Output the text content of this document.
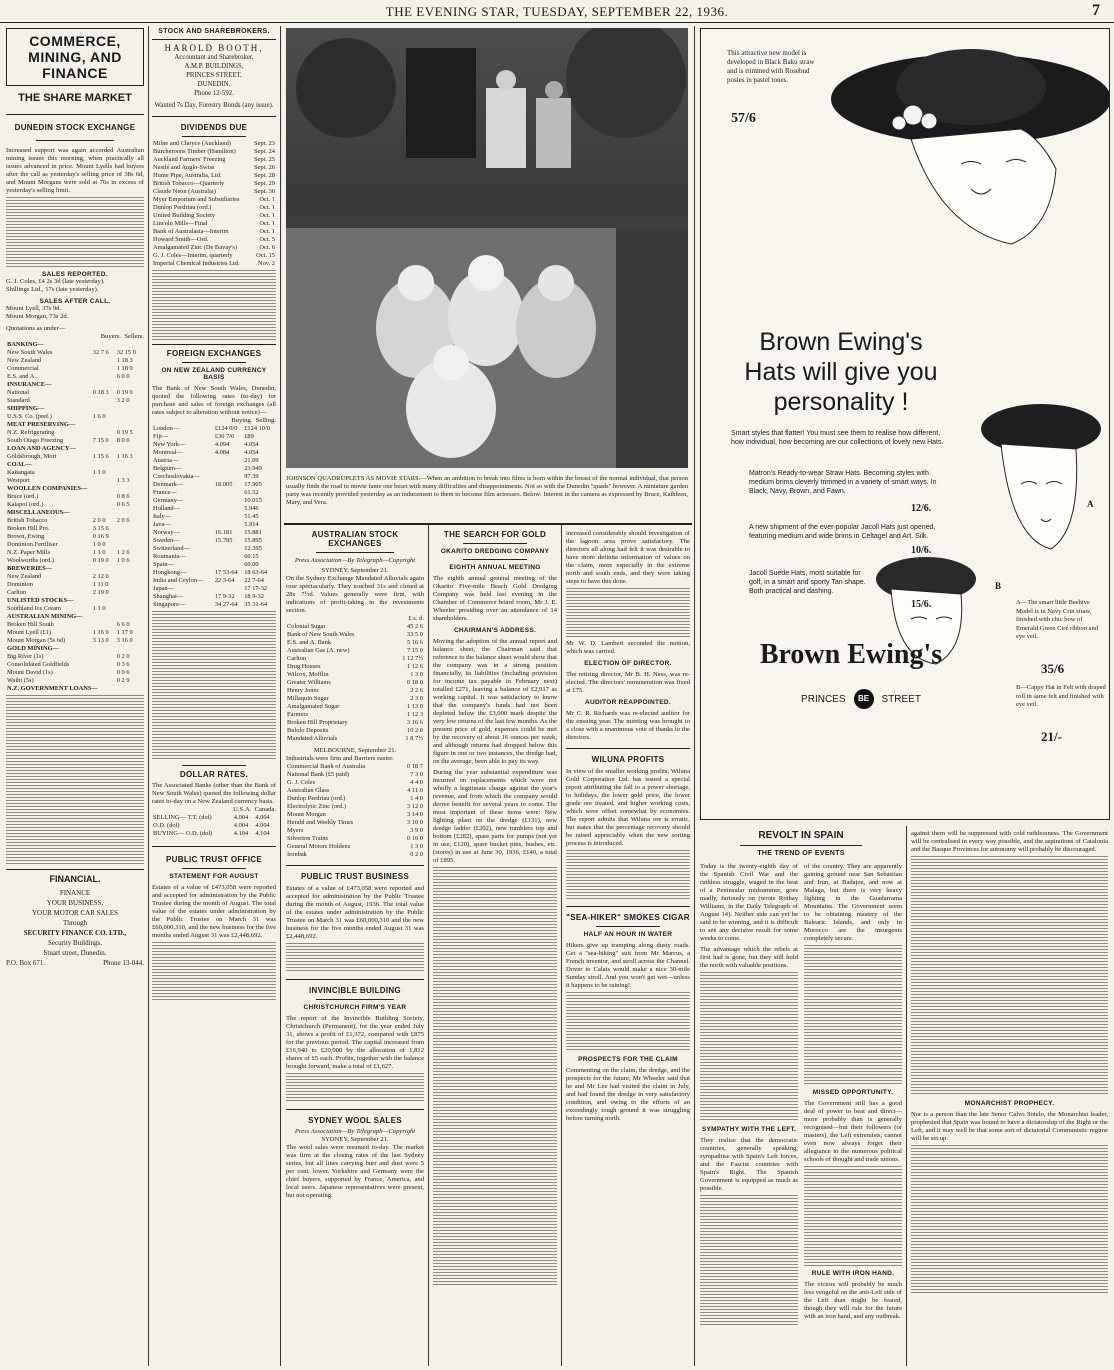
THE EVENING STAR, TUESDAY, SEPTEMBER 22, 1936.	7
COMMERCE, MINING, AND FINANCE
THE SHARE MARKET
DUNEDIN STOCK EXCHANGE
Increased support was again accorded Australian mining issues this morning, when practically all issues advanced in price. Mount Lyells had buyers after the call as yesterday's selling price of 38s 6d, and Mount Morgans were sold at 76s in excess of yesterday's selling limit.
SALES REPORTED.
G. J. Coles, £4 2s 3d (late yesterday).
Shillings Ltd., 17s (late yesterday).
SALES AFTER CALL.
Mount Lyell, 37s 9d.
Mount Morgan, 73s 2d.
Quotations as under—
Buyers. Sellers.
BANKING—		
New South Wales	32 7 6	32 15 0
New Zealand		1 18 3
Commercial		1 18 0
E.S. and A.		6 0 0
INSURANCE—		
National	0 18 3	0 19 0
Standard		3 2 0
SHIPPING—		
U.S.S. Co. (pref.)	1 6 0	
MEAT PRESERVING—		
N.Z. Refrigerating		0 19 5
South Otago Freezing	7 15 0	8 0 0
LOAN AND AGENCY—		
Goldsbrough, Mort	1 15 6	1 16 3
COAL—		
Kaitangata	1 1 0	
Westport		1 3 3
WOOLLEN COMPANIES—		
Bruce (ord.)		0 8 6
Kaiapoi (ord.)		0 6 5
MISCELLANEOUS—		
British Tobacco	2 0 0	2 0 6
Broken Hill Pro.	3 15 6	
Brown, Ewing	0 16 9	
Dominion Fertiliser	1 0 0	
N.Z. Paper Mills	1 1 0	1 2 6
Woolworths (ord.)	0 19 0	1 0 6
BREWERIES—		
New Zealand	2 12 0	
Dominion	1 11 0	
Carlton	2 19 0	
UNLISTED STOCKS—		
Southland Ice Cream	1 1 0	
AUSTRALIAN MINING—		
Broken Hill South		6 6 0
Mount Lyell (£1)	1 16 9	1 17 9
Mount Morgan (5s 6d)	3 13 0	3 16 0
GOLD MINING—		
Big River (1s)		0 2 0
Consolidated Goldfields		0 3 6
Mount David (1s)		0 0 6
Waihi (5s)		0 2 9
N.Z. GOVERNMENT LOANS—		
FINANCIAL.
FINANCE
YOUR BUSINESS,
YOUR MOTOR CAR SALES
Through
SECURITY FINANCE CO. LTD.,
Security Buildings,
Stuart street, Dunedin.
P.O. Box 671.	Phone 13-044.
STOCK AND SHAREBROKERS.
HAROLD BOOTH,
Accountant and Sharebroker,
A.M.P. BUILDINGS,
PRINCES STREET,
DUNEDIN.
Phone 12-592.
Wanted 7s Day, Forestry Bonds (any issue).
DIVIDENDS DUE
Milne and Choyce (Auckland)	Sept. 23
Burcheroons Timber (Hamilton)	Sept. 24
Auckland Farmers' Freezing	Sept. 25
Nestlé and Anglo-Swiss	Sept. 26
Hume Pipe, Australia, Ltd.	Sept. 28
British Tobacco—Quarterly	Sept. 29
Claude Neon (Australia)	Sept. 30
Myer Emporium and Subsidiaries	Oct. 1
Dunlop Perdriau (ord.)	Oct. 1
United Building Society	Oct. 1
Lincoln Mills—Final	Oct. 1
Bank of Australasia—Interim	Oct. 1
Howard Smith—Ord.	Oct. 5
Amalgamated Zinc (De Bavay's)	Oct. 6
G. J. Coles—Interim, quarterly	Oct. 15
Imperial Chemical Industries Ltd.	Nov. 2
FOREIGN EXCHANGES
ON NEW ZEALAND CURRENCY BASIS
The Bank of New South Wales, Dunedin, quoted the following rates (to-day) for purchase and sales of foreign exchanges (all rates subject to alteration without notice)—
Buying. Selling.
London—	£124 0/0	£124 10/0
Fiji—	£30 7/6	£89
New York—	4.094	4.054
Montreal—	4.084	4.054
Austria—		21.09
Belgium—		23.949
Czechoslovakia—		97.39
Denmark—	18.005	17.905
France—		61.52
Germany—		10.015
Holland—		5.946
Italy—		51.45
Java—		5.914
Norway—	16.181	15.881
Sweden—	15.785	15.895
Switzerland—		12.395
Roumania—		60.15
Spain—		60.00
Hongkong—	17 53-64	18 63-64
India and Ceylon—	22 3-64	22 7-64
Japan—		17 17-32
Shanghai—	17 9-32	18 9-32
Singapore—	34 27-64	35 31-64
DOLLAR RATES.
The Associated Banks (other than the Bank of New South Wales) quoted the following dollar rates to-day on a New Zealand currency basis.
U.S.A. Canada.
SELLING— T.T. (dol)	4.004	4.004
O.D. (dol)	4.004	4.004
BUYING— O.D. (dol)	4.104	4.104
PUBLIC TRUST OFFICE
STATEMENT FOR AUGUST
Estates of a value of £473,058 were reported and accepted for administration by the Public Trustee during the month of August. The total value of the estates under administration by the Public Trustee on March 31 was £60,000,310, and the new business for the five months ended August 31 was £2,448,692.
JOHNSON QUADRUPLETS AS MOVIE STARS.—When an ambition to break into films is born within the breast of the normal individual, that person usually finds the road to movie fame one beset with many difficulties and disappointments. Not so with the Dunedin "quads" however. A miniature garden party was recently provided yesterday as an inducement to them to become film actresses. Below: Interest in the camera as expressed by Bruce, Kathleen, Mary, and Vera.
AUSTRALIAN STOCK EXCHANGES
Press Association—By Telegraph—Copyright
SYDNEY, September 21.
On the Sydney Exchange Mandated Alluvials again rose spectacularly. They touched 31s and closed at 28s 7½d. Values generally were firm, with indications of profit-taking in the investments section.
£ s. d.
Colonial Sugar	45 2 6
Bank of New South Wales	33 5 0
E.S. and A. Bank	5 16 6
Australian Gas (A. new)	7 15 0
Carlton	1 12 7½
Drug Houses	1 12 6
Wilcox, Mofflin	1 3 0
Greater Williams	0 18 0
Henry Jones	2 2 6
Millaquin Sugar	2 3 0
Amalgamated Sugar	1 13 0
Farmers	1 12 3
Broken Hill Proprietary	3 16 6
Bulolo Deposits	10 2 0
Mandated Alluvials	1 8 7½
MELBOURNE, September 21.
Industrials were firm and Barriers easier.
Commercial Bank of Australia	0 18 7
National Bank (£5 paid)	7 3 0
G. J. Coles	4 4 0
Australian Glass	4 11 0
Dunlop Perdriau (ord.)	1 4 0
Electrolytic Zinc (ord.)	3 12 0
Mount Morgan	3 14 0
Herald and Weekly Times	3 10 0
Myers	3 9 0
Silverton Trains	0 16 0
General Motors Holdens	1 3 0
Ironbak	0 2 0
PUBLIC TRUST BUSINESS
Estates of a value of £473,058 were reported and accepted for administration by the Public Trustee during the month of August, 1936. The total value of the estates under administration by the Public Trustee on March 31 was £60,000,310 and the new business for the five months ended August 31 was £2,448,692.
INVINCIBLE BUILDING
CHRISTCHURCH FIRM'S YEAR
The report of the Invincible Building Society, Christchurch (Permanent), for the year ended July 31, shows a profit of £1,372, compared with £875 for the previous period. The capital increased from £16,940 to £20,000 by the allocation of 1,812 shares of £5 each. Profits, together with the balance brought forward, make a total of £1,627.
SYDNEY WOOL SALES
Press Association—By Telegraph—Copyright
SYDNEY, September 21.
The wool sales were resumed to-day. The market was firm at the closing rates of the last Sydney series, but all lines carrying burr and dust were 5 per cent. lower. Yorkshire and Germany were the chief buyers, supported by France, America, and local users. Japanese representatives were present, but not operating.
THE SEARCH FOR GOLD
OKARITO DREDGING COMPANY
EIGHTH ANNUAL MEETING
The eighth annual general meeting of the Okarito Five-mile Beach Gold Dredging Company was held last evening in the Chamber of Commerce board room, Mr J. E. Wheeler presiding over an attendance of 14 shareholders.
CHAIRMAN'S ADDRESS.
Moving the adoption of the annual report and balance sheet, the Chairman said that reference to the balance sheet would show that the company was in a strong position financially, its liabilities (including provision for income tax payable in February next) totalled £271, leaving a balance of £2,917 as working capital. It was satisfactory to know that the company's funds had not been depleted below the £3,000 mark despite the very low returns of the last few months. As the present price of gold, expenses could be met by the recovery of about 16 ounces per week, and although returns had dropped below this figure in one or two instances, the dredge had, on the average, been able to pay its way.
During the year substantial expenditure was incurred on replacements which were not wholly a legitimate charge against the year's revenue, and from which the company would derive benefit for several years to come. The most important of these items were: New lighting plant on the dredge (£131), new dredge ladder (£202), new tumblers top and bottom (£282), spare parts for pumps (not yet in use, £120), spare bucket pins, bushes, etc. (stores) in use at June 30, 1936, £140, a total of £895.
increased considerably should investigation of the lagoon area prove satisfactory. The directors all along had felt it was desirable to have more definite information of values on the claim, more especially in the extreme north and south ends, and they were taking steps to have this done.
Mr W. D. Lambert seconded the motion, which was carried.
ELECTION OF DIRECTOR.
The retiring director, Mr B. H. Ness, was re-elected. The directors' remuneration was fixed at £75.
AUDITOR REAPPOINTED.
Mr C. R. Richards was re-elected auditor for the ensuing year. The meeting was brought to a close with a unanimous vote of thanks to the directors.
WILUNA PROFITS
In view of the smaller working profits, Wiluna Gold Corporation Ltd. has issued a special report attributing the fall to a power shortage, to holidays, the lower gold price, the lower grade ore treated, and higher working costs, which were offset somewhat by economies. The report admits that Wiluna ore is erratic, but states that the percentage recovery should be raised appreciably when the new sorting process is introduced.
"SEA-HIKER" SMOKES CIGAR
HALF AN HOUR IN WATER
Hikers give up tramping along dusty roads. Get a "sea-hiking" suit from Mr Marcus, a French inventor, and stroll across the Channel. Dover to Calais would make a nice 30-mile Sunday stroll. And you won't get wet—unless it happens to be raining!
PROSPECTS FOR THE CLAIM
Commenting on the claim, the dredge, and the prospects for the future, Mr Wheeler said that he and Mr Lee had visited the claim in July, and had found the dredge in very satisfactory condition, and owing to the efforts of an exceedingly tough ground it was struggling before turning north.
This attractive new model is developed in Black Baku straw and is trimmed with Rosebud posies in pastel tones.
57/6
Brown Ewing's Hats will give you personality !
Smart styles that flatter! You must see them to realise how different, how individual, how becoming are our collections of lovely new Hats.
A
B
Matron's Ready-to-wear Straw Hats. Becoming styles with medium brims cleverly trimmed in a variety of smart ways. In Black, Navy, Brown, and Fawn.
12/6.
A new shipment of the ever-popular Jacoll Hats just opened, featuring medium and wide brims in Celtagel and Art. Silk.
10/6.
Jacoll Suede Hats, most suitable for golf, in a smart and sporty Tan shape. Both practical and dashing.
15/6.	A—The smart little Beehive Model is in Navy Crin straw, finished with chic bow of Emerald Green Ciré ribbon and eye veil.
35/6
B—Cappy Hat in Felt with draped roll in same felt and finished with eye veil.
21/-
Brown Ewing's
PRINCES	BE	STREET
REVOLT IN SPAIN
THE TREND OF EVENTS
Today is the twenty-eighth day of the Spanish Civil War and the ruthless struggle, waged in the heat of a Peninsular midsummer, goes madly, furiously on (wrote Rothay Williams, in the Daily Telegraph of August 14). Neither side can yet be said to be winning, and it is difficult to see any decisive result for some weeks to come.
The advantage which the rebels at first had is gone, but they still hold the north with valuable positions.
SYMPATHY WITH THE LEFT.
They realise that the democratic countries, generally speaking, sympathise with Spain's Left forces, and the Fascist countries with Spain's Right. The Spanish Government is equipped as much as possible.
of the country. They are apparently gaining ground near San Sebastian and Irun, at Badajoz, and now at Malaga, but there is very heavy fighting in the Guadarrama Mountains. The Government seem to be obtaining mastery of the Balearic Islands, and only in Morocco are the insurgents completely secure.
MISSED OPPORTUNITY.
The Government still has a good deal of power to beat and direct—more probably than is generally recognised—but their followers (or masters), the Left extremists, cannot even now always forget their allegiance to the numerous political schools of thought and trade unions.
RULE WITH IRON HAND.
The victors will probably be much less vengeful on the anti-Left side of the Left than might be feared, though they will rule for the future with an iron hand, and any outbreak.
against them will be suppressed with cold ruthlessness. The Government will be centralised in every way possible, and the aspirations of Catalonia and the Basque Provinces for autonomy will probably be discouraged.
MONARCHIST PROPHECY.
Nor is a person than the late Senor Calvo Sotelo, the Monarchist leader, prophesied that Spain was bound to have a dictatorship of the Right or the Left, and it may well be that some sort of dictatorial Communistic regime will be set up.
